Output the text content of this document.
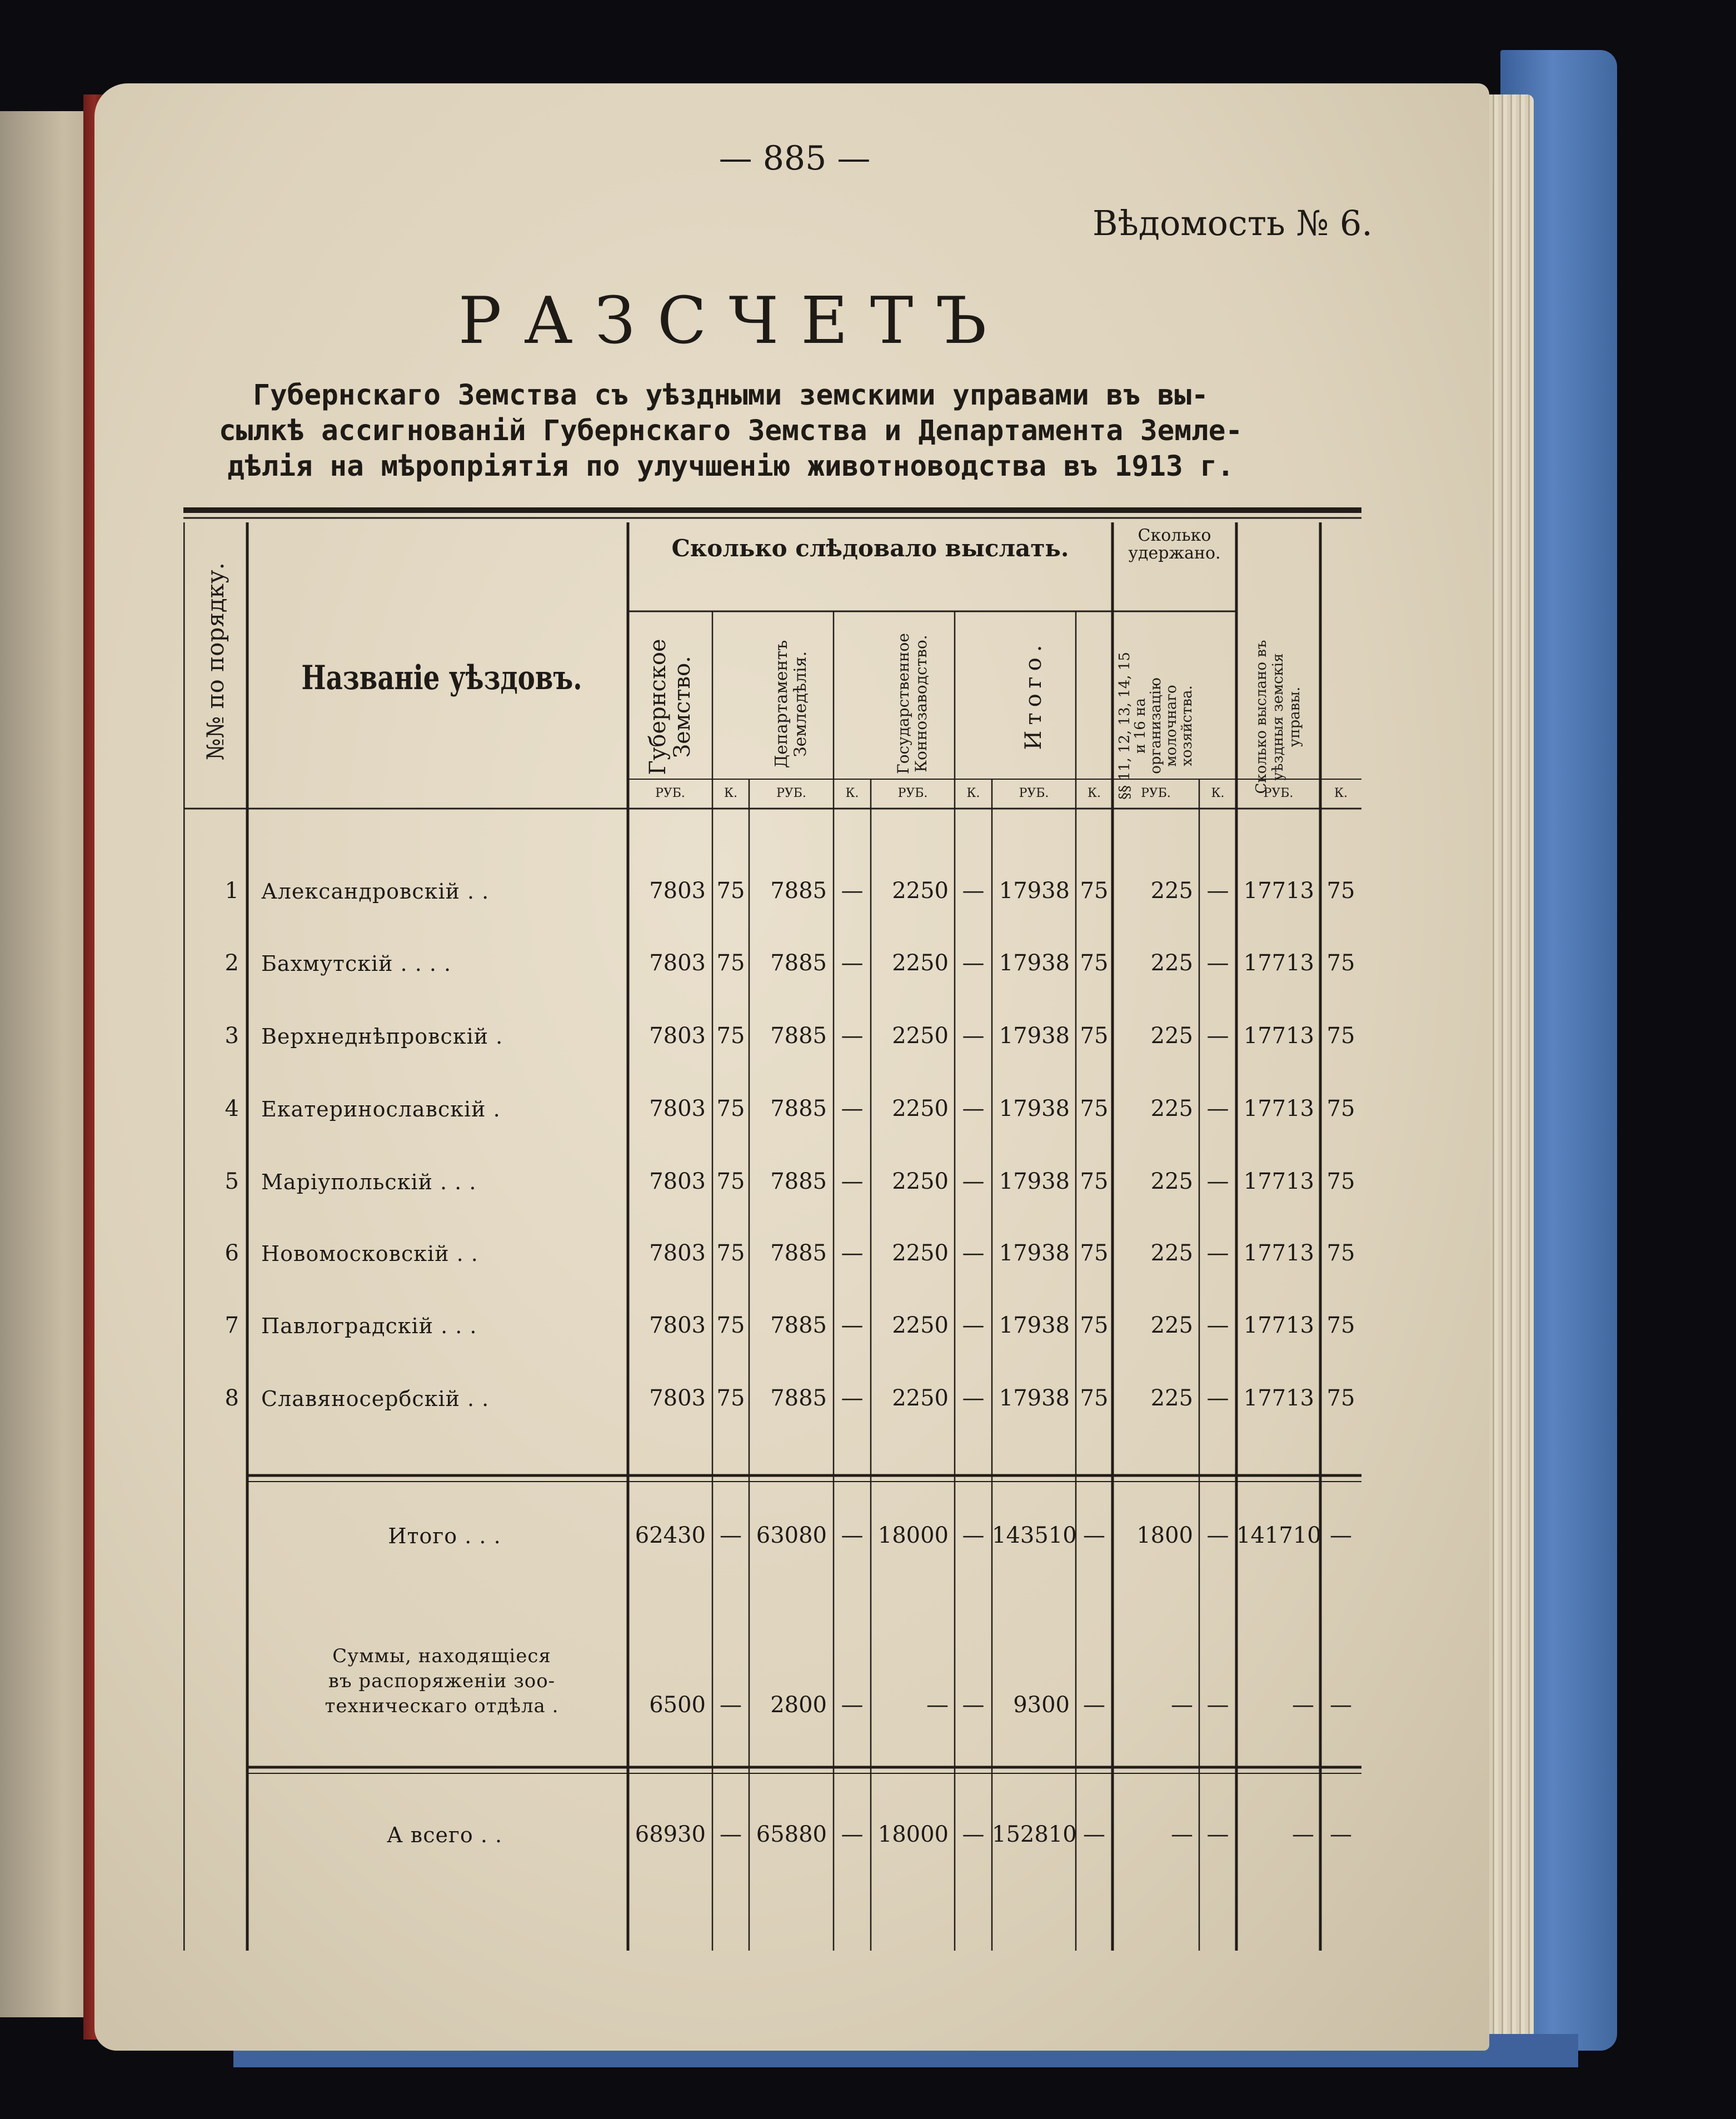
— 885 —
Вѣдомость № 6.
РАЗСЧЕТЪ
Губернскаго Земства съ уѣздными земскими управами въ вы-
сылкѣ ассигнованій Губернскаго Земства и Департамента Земле-
дѣлія на мѣропріятія по улучшенію животноводства въ 1913 г.
№№ по порядку. Названіе уѣздовъ.
Сколько слѣдовало выслать.	Сколько удержано.
Губернское Земство.	Департаментъ Земледѣлія.	Государственное Коннозаводство.	Итого.	§§ 11, 12, 13, 14, 15 и 16 на организацію молочнаго хозяйства.	Сколько выслано въ уѣздныя земскія управы.
РУБ.	К.	РУБ.	К.	РУБ.	К.	РУБ.	К.	РУБ.	К.	РУБ.	К.
1 Александровскій . .	7803 75	7885 —	2250 — 17938 75	225 — 17713 75
2 Бахмутскій . . . .	7803 75	7885 —	2250 — 17938 75	225 — 17713 75
3 Верхнеднѣпровскій .	7803 75	7885 —	2250 — 17938 75	225 — 17713 75
4 Екатеринославскій .	7803 75	7885 —	2250 — 17938 75	225 — 17713 75
5 Маріупольскій . . .	7803 75	7885 —	2250 — 17938 75	225 — 17713 75
6 Новомосковскій . .	7803 75	7885 —	2250 — 17938 75	225 — 17713 75
7 Павлоградскій . . .	7803 75	7885 —	2250 — 17938 75	225 — 17713 75
8 Славяносербскій . .	7803 75	7885 —	2250 — 17938 75	225 — 17713 75
Итого . . .	62430 — 63080 — 18000 — 143510 —	1800 — 141710 —
Суммы, находящіеся
въ распоряженіи зоо-
техническаго отдѣла .	6500 —	2800 —	— —	9300 —	— —	— —
А всего . .	68930 — 65880 — 18000 — 152810 —	— —	— —
